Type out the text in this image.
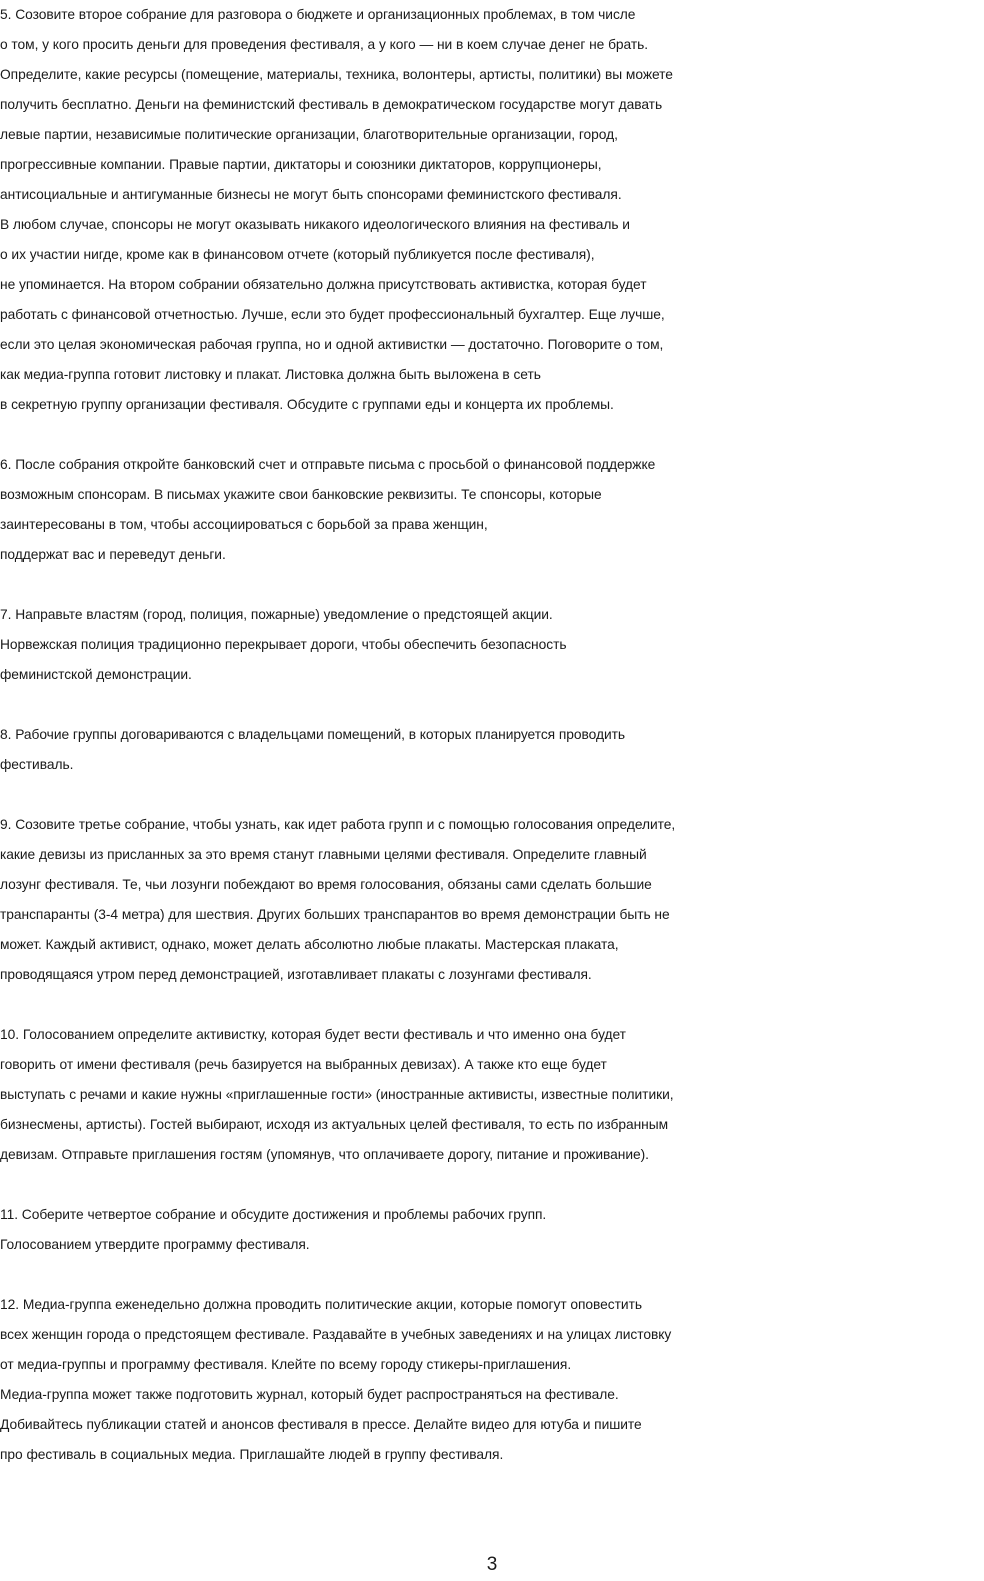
5. Созовите второе собрание для разговора о бюджете и организационных проблемах, в том числе
о том, у кого просить деньги для проведения фестиваля, а у кого — ни в коем случае денег не брать.
Определите, какие ресурсы (помещение, материалы, техника, волонтеры, артисты, политики) вы можете
получить бесплатно. Деньги на феминистский фестиваль в демократическом государстве могут давать
левые партии, независимые политические организации, благотворительные организации, город,
прогрессивные компании. Правые партии, диктаторы и союзники диктаторов, коррупционеры,
антисоциальные и антигуманные бизнесы не могут быть спонсорами феминистского фестиваля.
В любом случае, спонсоры не могут оказывать никакого идеологического влияния на фестиваль и
о их участии нигде, кроме как в финансовом отчете (который публикуется после фестиваля),
не упоминается. На втором собрании обязательно должна присутствовать активистка, которая будет
работать с финансовой отчетностью. Лучше, если это будет профессиональный бухгалтер. Еще лучше,
если это целая экономическая рабочая группа, но и одной активистки — достаточно. Поговорите о том,
как медиа-группа готовит листовку и плакат. Листовка должна быть выложена в сеть
в секретную группу организации фестиваля. Обсудите с группами еды и концерта их проблемы.
6. После собрания откройте банковский счет и отправьте письма с просьбой о финансовой поддержке
возможным спонсорам. В письмах укажите свои банковские реквизиты. Те спонсоры, которые
заинтересованы в том, чтобы ассоциироваться с борьбой за права женщин,
поддержат вас и переведут деньги.
7. Направьте властям (город, полиция, пожарные) уведомление о предстоящей акции.
Норвежская полиция традиционно перекрывает дороги, чтобы обеспечить безопасность
феминистской демонстрации.
8. Рабочие группы договариваются с владельцами помещений, в которых планируется проводить
фестиваль.
9. Созовите третье собрание, чтобы узнать, как идет работа групп и с помощью голосования определите,
какие девизы из присланных за это время станут главными целями фестиваля. Определите главный
лозунг фестиваля. Те, чьи лозунги побеждают во время голосования, обязаны сами сделать большие
транспаранты (3-4 метра) для шествия. Других больших транспарантов во время демонстрации быть не
может. Каждый активист, однако, может делать абсолютно любые плакаты. Мастерская плаката,
проводящаяся утром перед демонстрацией, изготавливает плакаты с лозунгами фестиваля.
10. Голосованием определите активистку, которая будет вести фестиваль и что именно она будет
говорить от имени фестиваля (речь базируется на выбранных девизах). А также кто еще будет
выступать с речами и какие нужны «приглашенные гости» (иностранные активисты, известные политики,
бизнесмены, артисты). Гостей выбирают, исходя из актуальных целей фестиваля, то есть по избранным
девизам. Отправьте приглашения гостям (упомянув, что оплачиваете дорогу, питание и проживание).
11. Соберите четвертое собрание и обсудите достижения и проблемы рабочих групп.
Голосованием утвердите программу фестиваля.
12. Медиа-группа еженедельно должна проводить политические акции, которые помогут оповестить
всех женщин города о предстоящем фестивале. Раздавайте в учебных заведениях и на улицах листовку
от медиа-группы и программу фестиваля. Клейте по всему городу стикеры-приглашения.
Медиа-группа может также подготовить журнал, который будет распространяться на фестивале.
Добивайтесь публикации статей и анонсов фестиваля в прессе. Делайте видео для ютуба и пишите
про фестиваль в социальных медиа. Приглашайте людей в группу фестиваля.
3
